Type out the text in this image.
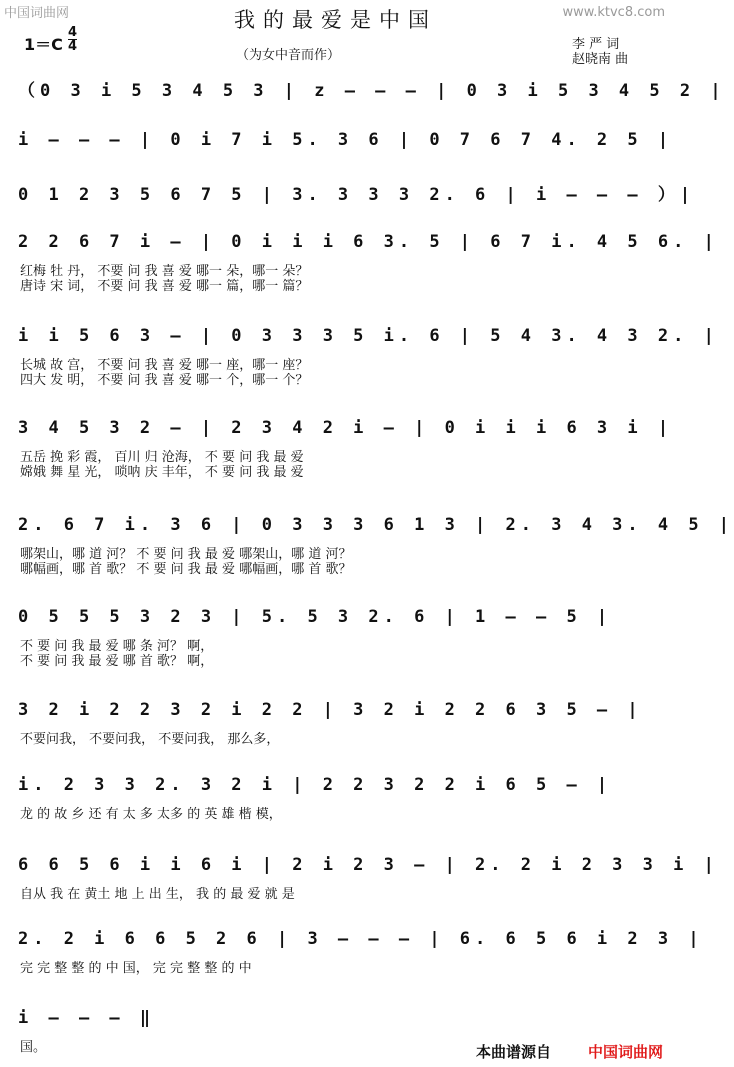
中国词曲网	www.ktvc8.com
我的最爱是中国
$1=C \frac{4}{4}$
（为女中音而作）
李 严 词
赵晓南 曲
（0 3 i 5 3 4 5 3 | z – – – | 0 3 i 5 3 4 5 2 |
i – – – | 0 i 7 i 5. 3 6 | 0 7 6 7 4. 2 5 |
0 1 2 3 5 6 7 5 | 3. 3 3 3 2. 6 | i – – – ）|
2 2 6 7 i – | 0 i i i 6 3. 5 | 6 7 i. 4 5 6. |
红梅 牡 丹， 不要 问 我 喜 爱 哪一 朵，哪一 朵？
唐诗 宋 词， 不要 问 我 喜 爱 哪一 篇，哪一 篇？
i i 5 6 3 – | 0 3 3 3 5 i. 6 | 5 4 3. 4 3 2. |
长城 故 宫， 不要 问 我 喜 爱 哪一 座，哪一 座？
四大 发 明， 不要 问 我 喜 爱 哪一 个，哪一 个？
3 4 5 3 2 – | 2 3 4 2 i – | 0 i i i 6 3 i |
五岳 挽 彩 霞， 百川 归 沧海， 不 要 问 我 最 爱
嫦娥 舞 星 光， 唢呐 庆 丰年， 不 要 问 我 最 爱
2. 6 7 i. 3 6 | 0 3 3 3 6 1 3 | 2. 3 4 3. 4 5 |
哪架山，哪 道 河？ 不 要 问 我 最 爱 哪架山，哪 道 河？
哪幅画，哪 首 歌？ 不 要 问 我 最 爱 哪幅画，哪 首 歌？
0 5 5 5 3 2 3 | 5. 5 3 2. 6 | 1 – – 5 |
不 要 问 我 最 爱 哪 条 河？ 啊，
不 要 问 我 最 爱 哪 首 歌？ 啊，
3 2 i 2 2 3 2 i 2 2 | 3 2 i 2 2 6 3 5 – |
不要问我， 不要问我， 不要问我， 那么多，
i. 2 3 3 2. 3 2 i | 2 2 3 2 2 i 6 5 – |
龙 的 故 乡 还 有 太 多 太多 的 英 雄 楷 模，
6 6 5 6 i i 6 i | 2 i 2 3 – | 2. 2 i 2 3 3 i |
自从 我 在 黄土 地 上 出 生， 我 的 最 爱 就 是
2. 2 i 6 6 5 2 6 | 3 – – – | 6. 6 5 6 i 2 3 |
完 完 整 整 的 中 国， 完 完 整 整 的 中
i – – – ‖
国。	本曲谱源自 中国词曲网
